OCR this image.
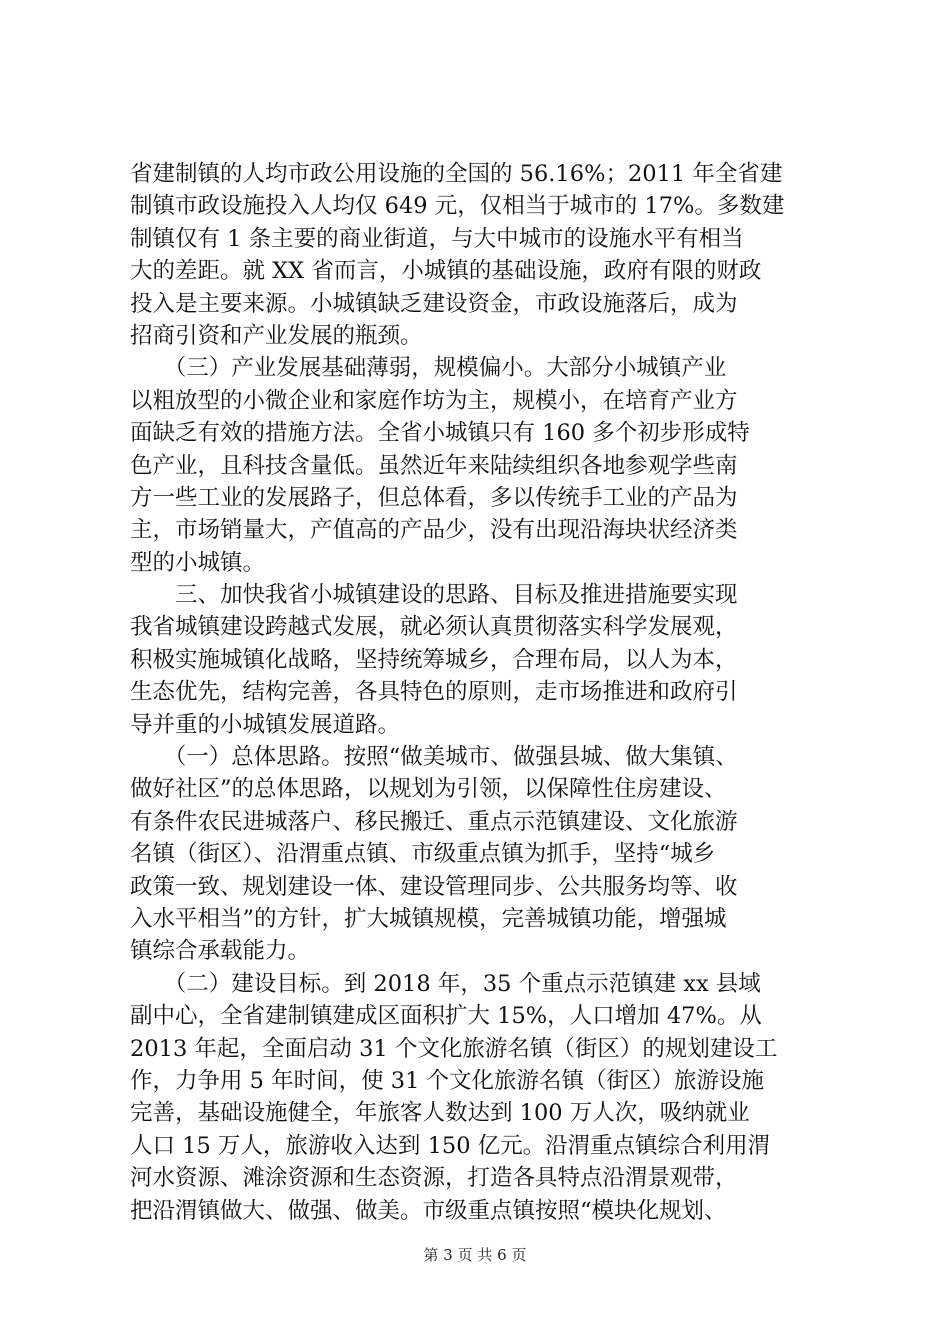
省建制镇的人均市政公用设施的全国的 56.16%；2011 年全省建
制镇市政设施投入人均仅 649 元，仅相当于城市的 17%。多数建
制镇仅有 1 条主要的商业街道，与大中城市的设施水平有相当
大的差距。就 XX 省而言，小城镇的基础设施，政府有限的财政
投入是主要来源。小城镇缺乏建设资金，市政设施落后，成为
招商引资和产业发展的瓶颈。
　　（三）产业发展基础薄弱，规模偏小。大部分小城镇产业
以粗放型的小微企业和家庭作坊为主，规模小，在培育产业方
面缺乏有效的措施方法。全省小城镇只有 160 多个初步形成特
色产业，且科技含量低。虽然近年来陆续组织各地参观学些南
方一些工业的发展路子，但总体看，多以传统手工业的产品为
主，市场销量大，产值高的产品少，没有出现沿海块状经济类
型的小城镇。
　　三、加快我省小城镇建设的思路、目标及推进措施要实现
我省城镇建设跨越式发展，就必须认真贯彻落实科学发展观，
积极实施城镇化战略，坚持统筹城乡，合理布局，以人为本，
生态优先，结构完善，各具特色的原则，走市场推进和政府引
导并重的小城镇发展道路。
　　（一）总体思路。按照“做美城市、做强县城、做大集镇、
做好社区”的总体思路，以规划为引领，以保障性住房建设、
有条件农民进城落户、移民搬迁、重点示范镇建设、文化旅游
名镇（街区）、沿渭重点镇、市级重点镇为抓手，坚持“城乡
政策一致、规划建设一体、建设管理同步、公共服务均等、收
入水平相当”的方针，扩大城镇规模，完善城镇功能，增强城
镇综合承载能力。
　　（二）建设目标。到 2018 年，35 个重点示范镇建 xx 县域
副中心，全省建制镇建成区面积扩大 15%，人口增加 47%。从
2013 年起，全面启动 31 个文化旅游名镇（街区）的规划建设工
作，力争用 5 年时间，使 31 个文化旅游名镇（街区）旅游设施
完善，基础设施健全，年旅客人数达到 100 万人次，吸纳就业
人口 15 万人，旅游收入达到 150 亿元。沿渭重点镇综合利用渭
河水资源、滩涂资源和生态资源，打造各具特点沿渭景观带，
把沿渭镇做大、做强、做美。市级重点镇按照“模块化规划、
第 3 页 共 6 页
